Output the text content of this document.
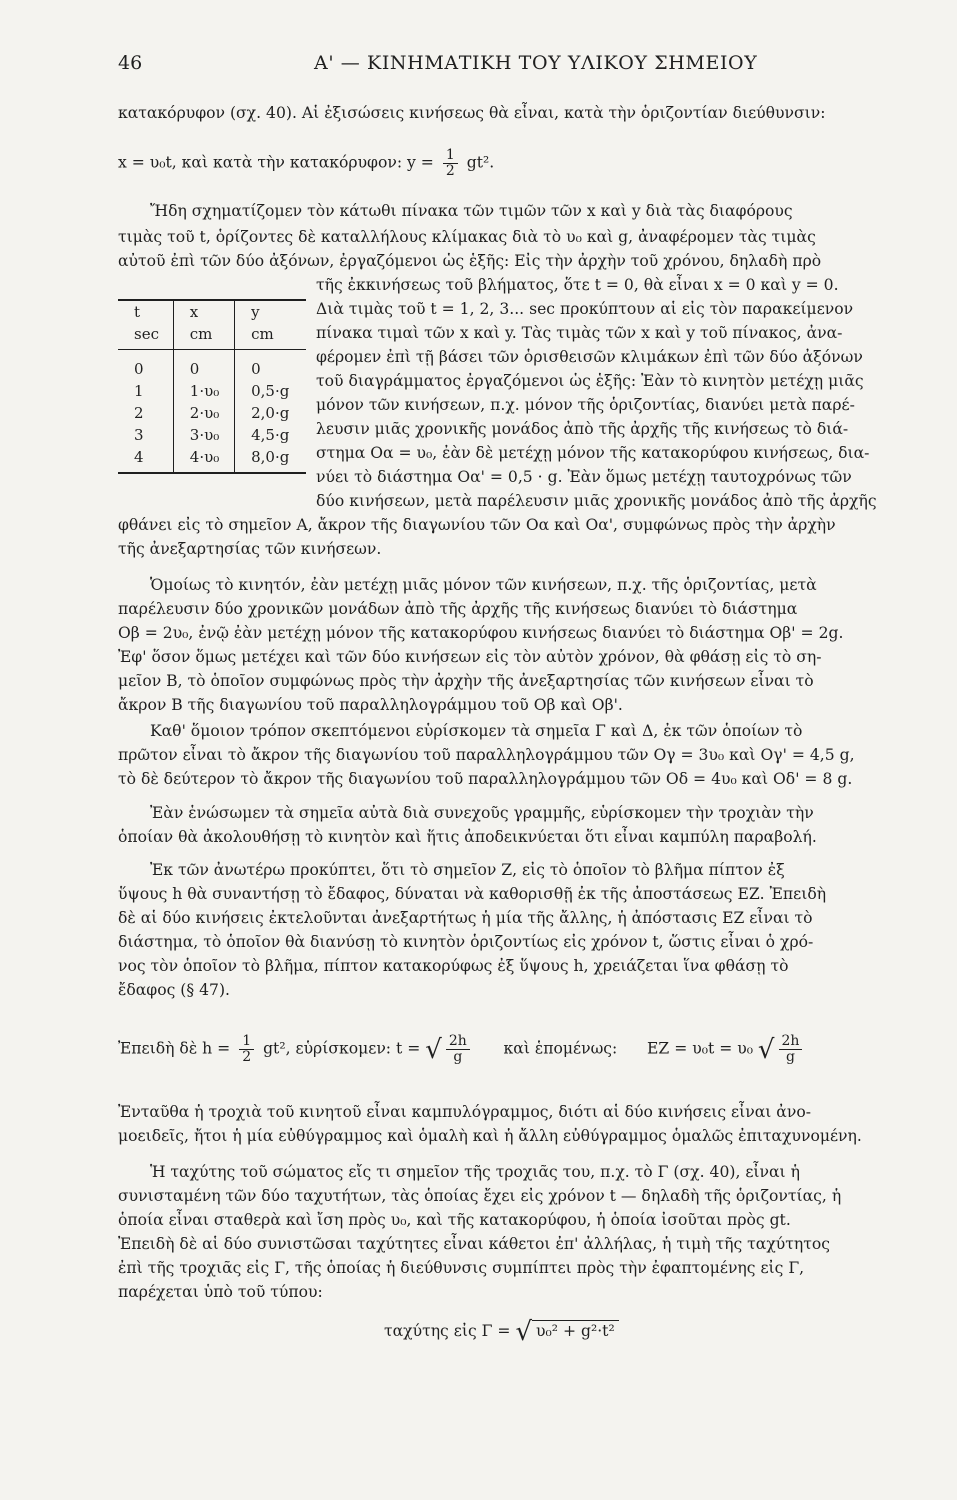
46	Α' — ΚΙΝΗΜΑΤΙΚΗ ΤΟΥ ΥΛΙΚΟΥ ΣΗΜΕΙΟΥ
t	x	y
sec	cm	cm

0	0	0
1	1·υ₀	0,5·g
2	2·υ₀	2,0·g
3	3·υ₀	4,5·g
4	4·υ₀	8,0·g
κατακόρυφον (σχ. 40). Αἱ ἐξισώσεις κινήσεως θὰ εἶναι, κατὰ τὴν ὁριζοντίαν διεύθυνσιν:
x = υ₀t, καὶ κατὰ τὴν κατακόρυφον: $y = \frac{1}{2} gt^2$.
Ἤδη σχηματίζομεν τὸν κάτωθι πίνακα τῶν τιμῶν τῶν x καὶ y διὰ τὰς διαφόρους
τιμὰς τοῦ t, ὁρίζοντες δὲ καταλλήλους κλίμακας διὰ τὸ υ₀ καὶ g, ἀναφέρομεν τὰς τιμὰς
αὐτοῦ ἐπὶ τῶν δύο ἀξόνων, ἐργαζόμενοι ὡς ἑξῆς: Εἰς τὴν ἀρχὴν τοῦ χρόνου, δηλαδὴ πρὸ
τῆς ἐκκινήσεως τοῦ βλήματος, ὅτε t = 0, θὰ εἶναι x = 0 καὶ y = 0.
Διὰ τιμὰς τοῦ t = 1, 2, 3... sec προκύπτουν αἱ εἰς τὸν παρακείμενον
πίνακα τιμαὶ τῶν x καὶ y. Τὰς τιμὰς τῶν x καὶ y τοῦ πίνακος, ἀνα-
φέρομεν ἐπὶ τῇ βάσει τῶν ὁρισθεισῶν κλιμάκων ἐπὶ τῶν δύο ἀξόνων
τοῦ διαγράμματος ἐργαζόμενοι ὡς ἑξῆς: Ἐὰν τὸ κινητὸν μετέχῃ μιᾶς
μόνον τῶν κινήσεων, π.χ. μόνον τῆς ὁριζοντίας, διανύει μετὰ παρέ-
λευσιν μιᾶς χρονικῆς μονάδος ἀπὸ τῆς ἀρχῆς τῆς κινήσεως τὸ διά-
στημα Οα = υ₀, ἐὰν δὲ μετέχῃ μόνον τῆς κατακορύφου κινήσεως, δια-
νύει τὸ διάστημα Οα' = 0,5 · g. Ἐὰν ὅμως μετέχῃ ταυτοχρόνως τῶν
δύο κινήσεων, μετὰ παρέλευσιν μιᾶς χρονικῆς μονάδος ἀπὸ τῆς ἀρχῆς
φθάνει εἰς τὸ σημεῖον Α, ἄκρον τῆς διαγωνίου τῶν Οα καὶ Οα', συμφώνως πρὸς τὴν ἀρχὴν
τῆς ἀνεξαρτησίας τῶν κινήσεων.
Ὁμοίως τὸ κινητόν, ἐὰν μετέχῃ μιᾶς μόνον τῶν κινήσεων, π.χ. τῆς ὁριζοντίας, μετὰ
παρέλευσιν δύο χρονικῶν μονάδων ἀπὸ τῆς ἀρχῆς τῆς κινήσεως διανύει τὸ διάστημα
Οβ = 2υ₀, ἐνῷ ἐὰν μετέχῃ μόνον τῆς κατακορύφου κινήσεως διανύει τὸ διάστημα Οβ' = 2g.
Ἐφ' ὅσον ὅμως μετέχει καὶ τῶν δύο κινήσεων εἰς τὸν αὐτὸν χρόνον, θὰ φθάσῃ εἰς τὸ ση-
μεῖον Β, τὸ ὁποῖον συμφώνως πρὸς τὴν ἀρχὴν τῆς ἀνεξαρτησίας τῶν κινήσεων εἶναι τὸ
ἄκρον Β τῆς διαγωνίου τοῦ παραλληλογράμμου τοῦ Οβ καὶ Οβ'.
Καθ' ὅμοιον τρόπον σκεπτόμενοι εὑρίσκομεν τὰ σημεῖα Γ καὶ Δ, ἐκ τῶν ὁποίων τὸ
πρῶτον εἶναι τὸ ἄκρον τῆς διαγωνίου τοῦ παραλληλογράμμου τῶν Ογ = 3υ₀ καὶ Ογ' = 4,5 g,
τὸ δὲ δεύτερον τὸ ἄκρον τῆς διαγωνίου τοῦ παραλληλογράμμου τῶν Οδ = 4υ₀ καὶ Οδ' = 8 g.
Ἐὰν ἑνώσωμεν τὰ σημεῖα αὐτὰ διὰ συνεχοῦς γραμμῆς, εὑρίσκομεν τὴν τροχιὰν τὴν
ὁποίαν θὰ ἀκολουθήσῃ τὸ κινητὸν καὶ ἥτις ἀποδεικνύεται ὅτι εἶναι καμπύλη παραβολή.
Ἐκ τῶν ἀνωτέρω προκύπτει, ὅτι τὸ σημεῖον Ζ, εἰς τὸ ὁποῖον τὸ βλῆμα πίπτον ἐξ
ὕψους h θὰ συναντήσῃ τὸ ἔδαφος, δύναται νὰ καθορισθῇ ἐκ τῆς ἀποστάσεως ΕΖ. Ἐπειδὴ
δὲ αἱ δύο κινήσεις ἐκτελοῦνται ἀνεξαρτήτως ἡ μία τῆς ἄλλης, ἡ ἀπόστασις ΕΖ εἶναι τὸ
διάστημα, τὸ ὁποῖον θὰ διανύσῃ τὸ κινητὸν ὁριζοντίως εἰς χρόνον t, ὥστις εἶναι ὁ χρό-
νος τὸν ὁποῖον τὸ βλῆμα, πίπτον κατακορύφως ἐξ ὕψους h, χρειάζεται ἵνα φθάσῃ τὸ
ἔδαφος (§ 47).
Ἐπειδὴ δὲ $h = \frac{1}{2} gt^2$, εὑρίσκομεν: t = √ $\frac{2h}{g}$ καὶ ἑπομένως: ΕΖ = υ₀t = υ₀ √ $\frac{2h}{g}$
Ἐνταῦθα ἡ τροχιὰ τοῦ κινητοῦ εἶναι καμπυλόγραμμος, διότι αἱ δύο κινήσεις εἶναι ἀνο-
μοειδεῖς, ἤτοι ἡ μία εὐθύγραμμος καὶ ὁμαλὴ καὶ ἡ ἄλλη εὐθύγραμμος ὁμαλῶς ἐπιταχυνομένη.
Ἡ ταχύτης τοῦ σώματος εἴς τι σημεῖον τῆς τροχιᾶς του, π.χ. τὸ Γ (σχ. 40), εἶναι ἡ
συνισταμένη τῶν δύο ταχυτήτων, τὰς ὁποίας ἔχει εἰς χρόνον t — δηλαδὴ τῆς ὁριζοντίας, ἡ
ὁποία εἶναι σταθερὰ καὶ ἴση πρὸς υ₀, καὶ τῆς κατακορύφου, ἡ ὁποία ἰσοῦται πρὸς gt.
Ἐπειδὴ δὲ αἱ δύο συνιστῶσαι ταχύτητες εἶναι κάθετοι ἐπ' ἀλλήλας, ἡ τιμὴ τῆς ταχύτητος
ἐπὶ τῆς τροχιᾶς εἰς Γ, τῆς ὁποίας ἡ διεύθυνσις συμπίπτει πρὸς τὴν ἐφαπτομένης εἰς Γ,
παρέχεται ὑπὸ τοῦ τύπου:
ταχύτης εἰς Γ = √ υ₀² + g²·t²
